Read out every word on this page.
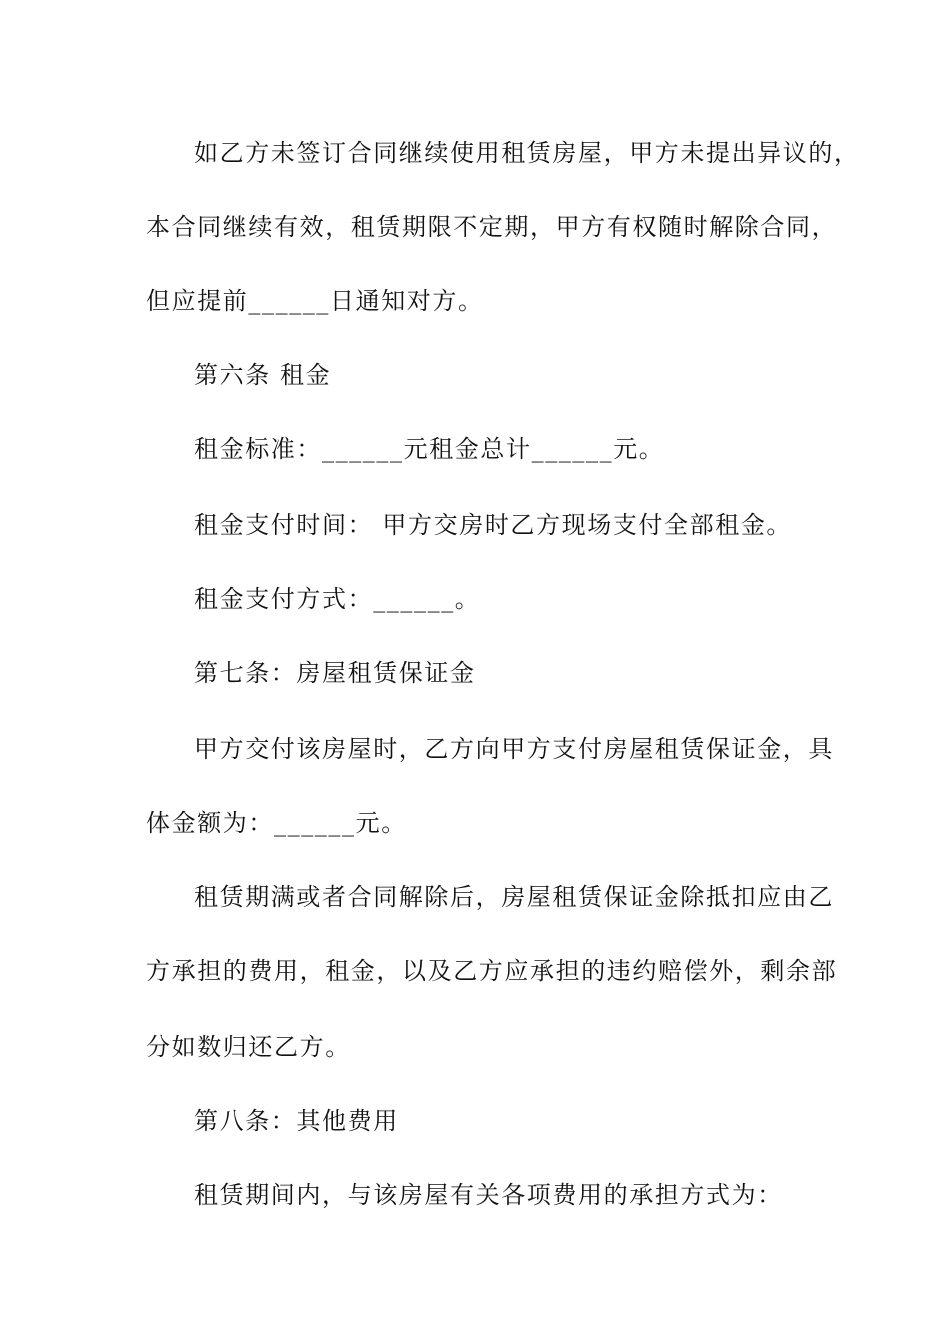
如乙方未签订合同继续使用租赁房屋，甲方未提出异议的，
本合同继续有效，租赁期限不定期，甲方有权随时解除合同，
但应提前______日通知对方。
第六条 租金
租金标准：______元租金总计______元。
租金支付时间： 甲方交房时乙方现场支付全部租金。
租金支付方式：______。
第七条：房屋租赁保证金
甲方交付该房屋时，乙方向甲方支付房屋租赁保证金，具
体金额为：______元。
租赁期满或者合同解除后，房屋租赁保证金除抵扣应由乙
方承担的费用，租金，以及乙方应承担的违约赔偿外，剩余部
分如数归还乙方。
第八条：其他费用
租赁期间内，与该房屋有关各项费用的承担方式为：
